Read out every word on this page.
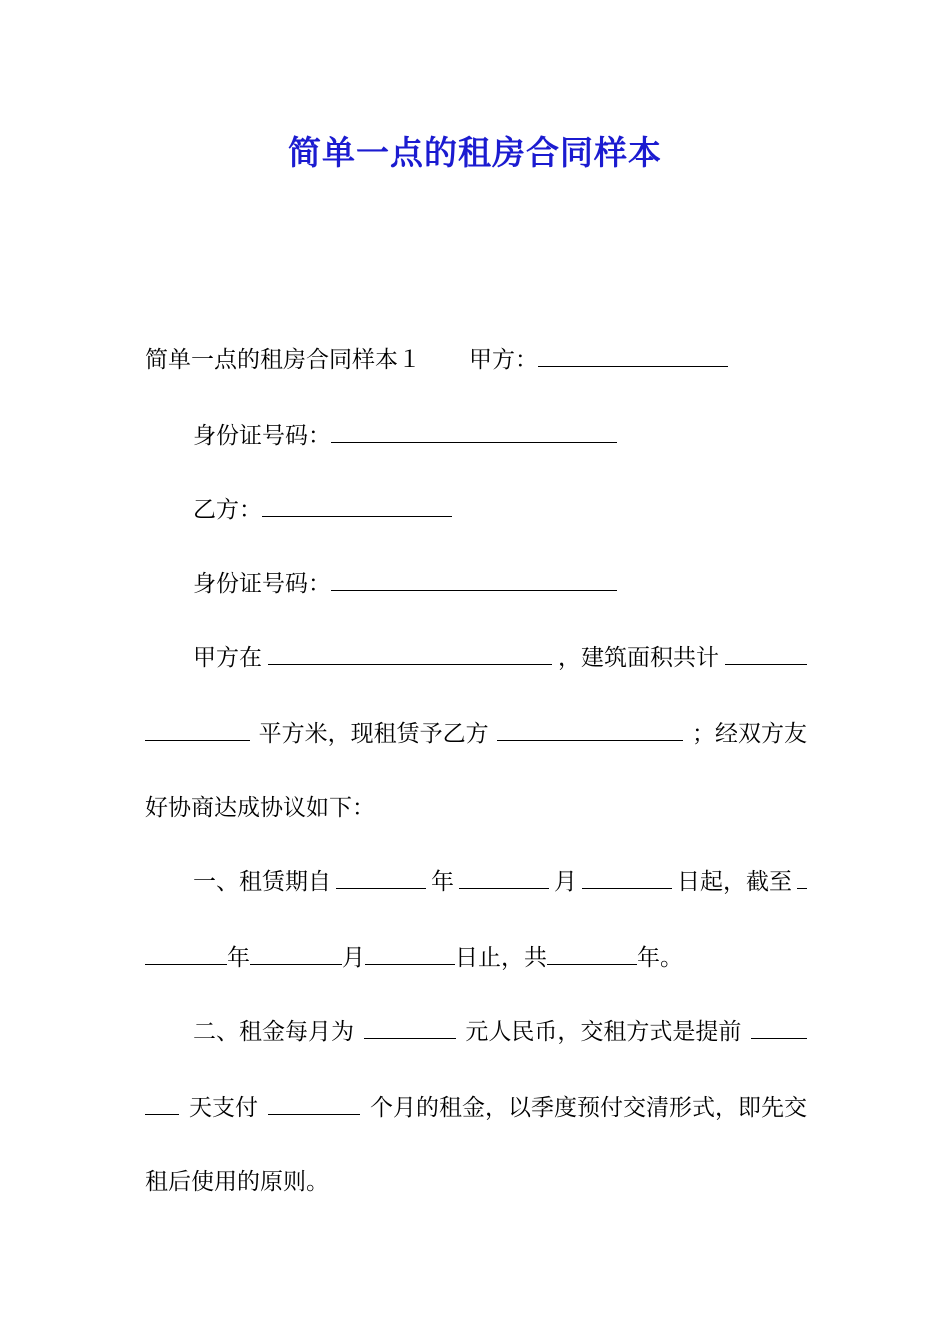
简单一点的租房合同样本
简单一点的租房合同样本１ 甲方：
身份证号码：
乙方：
身份证号码：
甲方在	，建筑面积共计
平方米，现租赁予乙方	；经双方友
好协商达成协议如下：
一、租赁期自	年	月	日起，截至
年	月	日止，共	年。
二、租金每月为	元人民币，交租方式是提前
天支付	个月的租金，以季度预付交清形式，即先交
租后使用的原则。
